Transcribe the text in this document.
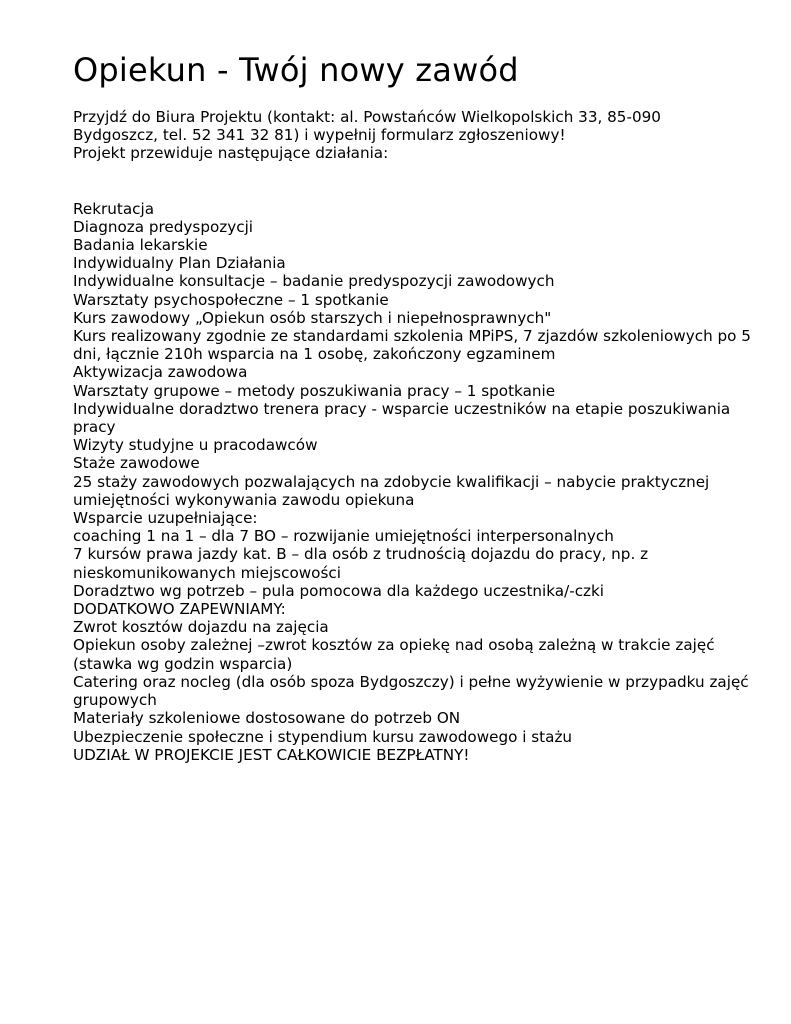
Opiekun - Twój nowy zawód

Przyjdź do Biura Projektu (kontakt: al. Powstańców Wielkopolskich 33, 85-090
Bydgoszcz, tel. 52 341 32 81) i wypełnij formularz zgłoszeniowy!
Projekt przewiduje następujące działania:

Rekrutacja
Diagnoza predyspozycji
Badania lekarskie
Indywidualny Plan Działania
Indywidualne konsultacje – badanie predyspozycji zawodowych
Warsztaty psychospołeczne – 1 spotkanie
Kurs zawodowy „Opiekun osób starszych i niepełnosprawnych"
Kurs realizowany zgodnie ze standardami szkolenia MPiPS, 7 zjazdów szkoleniowych po 5 dni, łącznie 210h wsparcia na 1 osobę, zakończony egzaminem
Aktywizacja zawodowa
Warsztaty grupowe – metody poszukiwania pracy – 1 spotkanie
Indywidualne doradztwo trenera pracy - wsparcie uczestników na etapie poszukiwania pracy
Wizyty studyjne u pracodawców
Staże zawodowe
25 staży zawodowych pozwalających na zdobycie kwalifikacji – nabycie praktycznej umiejętności wykonywania zawodu opiekuna
Wsparcie uzupełniające:
coaching 1 na 1 – dla 7 BO – rozwijanie umiejętności interpersonalnych
7 kursów prawa jazdy kat. B – dla osób z trudnością dojazdu do pracy, np. z nieskomunikowanych miejscowości
Doradztwo wg potrzeb – pula pomocowa dla każdego uczestnika/-czki
DODATKOWO ZAPEWNIAMY:
Zwrot kosztów dojazdu na zajęcia
Opiekun osoby zależnej –zwrot kosztów za opiekę nad osobą zależną w trakcie zajęć (stawka wg godzin wsparcia)
Catering oraz nocleg (dla osób spoza Bydgoszczy) i pełne wyżywienie w przypadku zajęć grupowych
Materiały szkoleniowe dostosowane do potrzeb ON
Ubezpieczenie społeczne i stypendium kursu zawodowego i stażu
UDZIAŁ W PROJEKCIE JEST CAŁKOWICIE BEZPŁATNY!
